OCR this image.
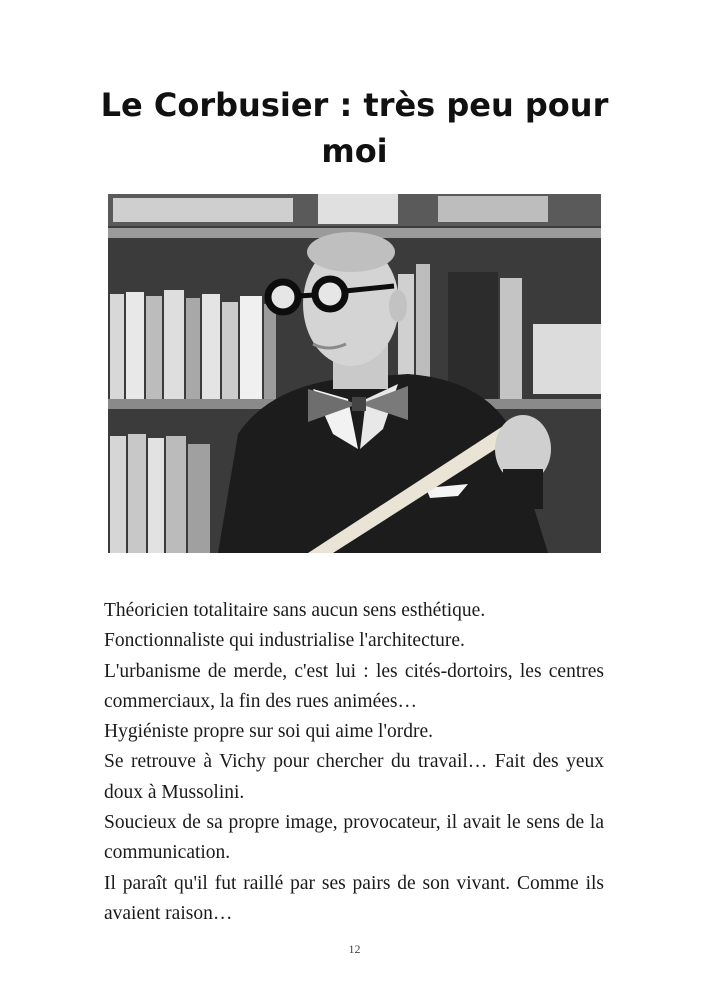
Le Corbusier : très peu pour moi

Théoricien totalitaire sans aucun sens esthétique.

Fonctionnaliste qui industrialise l'architecture.

L'urbanisme de merde, c'est lui : les cités-dortoirs, les centres commerciaux, la fin des rues animées…

Hygiéniste propre sur soi qui aime l'ordre.

Se retrouve à Vichy pour chercher du travail… Fait des yeux doux à Mussolini.

Soucieux de sa propre image, provocateur, il avait le sens de la communication.

Il paraît qu'il fut raillé par ses pairs de son vivant. Comme ils avaient raison…

12
